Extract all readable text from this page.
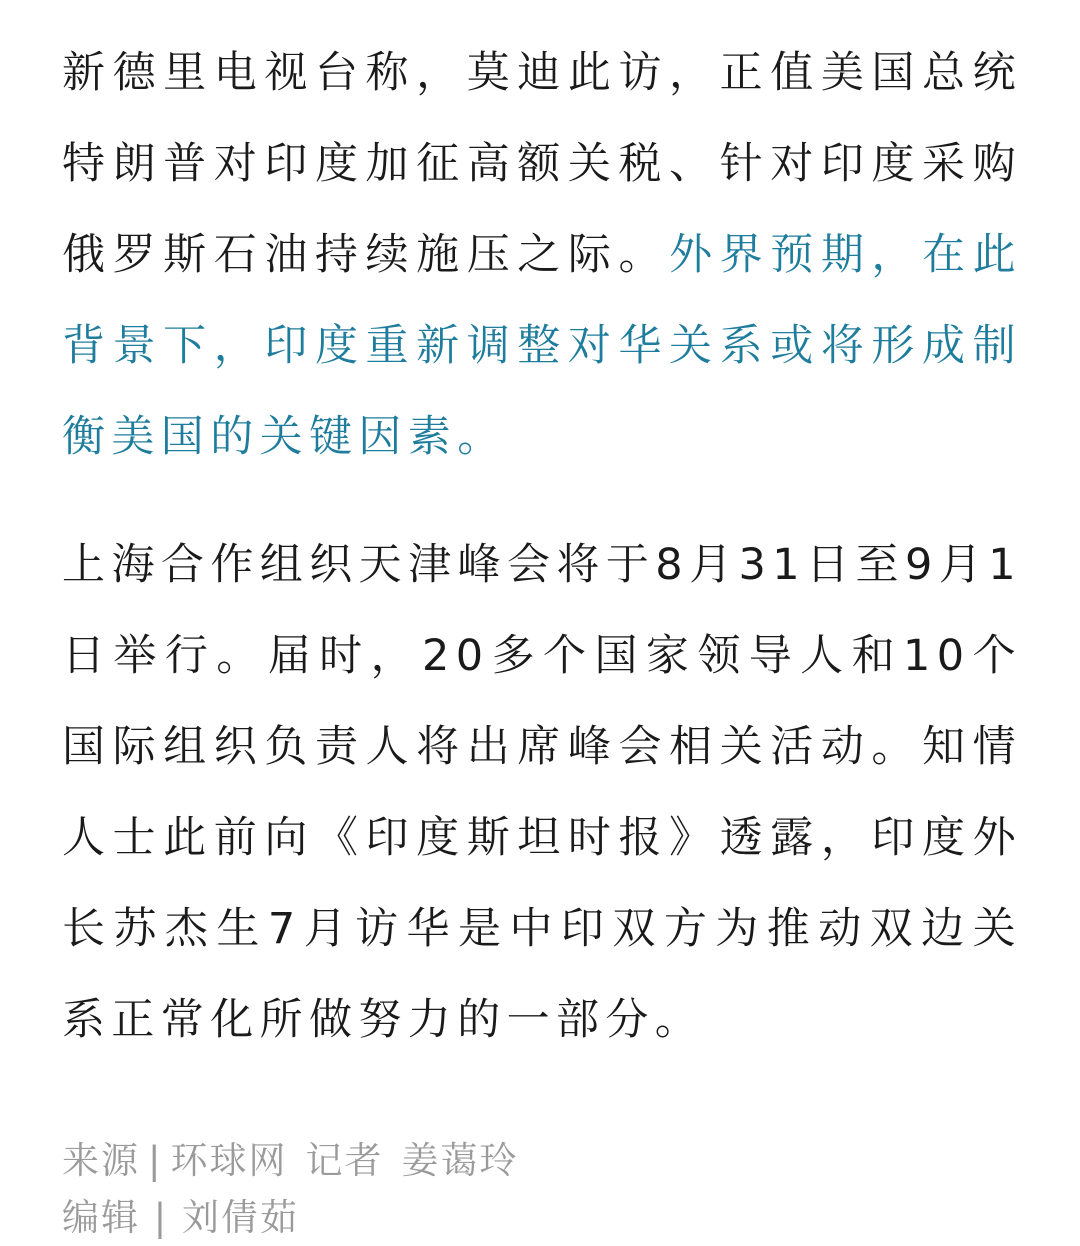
新德里电视台称，莫迪此访，正值美国总统特朗普对印度加征高额关税、针对印度采购俄罗斯石油持续施压之际。外界预期，在此背景下，印度重新调整对华关系或将形成制衡美国的关键因素。

上海合作组织天津峰会将于8月31日至9月1日举行。届时，20多个国家领导人和10个国际组织负责人将出席峰会相关活动。知情人士此前向《印度斯坦时报》透露，印度外长苏杰生7月访华是中印双方为推动双边关系正常化所做努力的一部分。

来源 | 环球网 记者 姜蔼玲
编辑 | 刘倩茹
